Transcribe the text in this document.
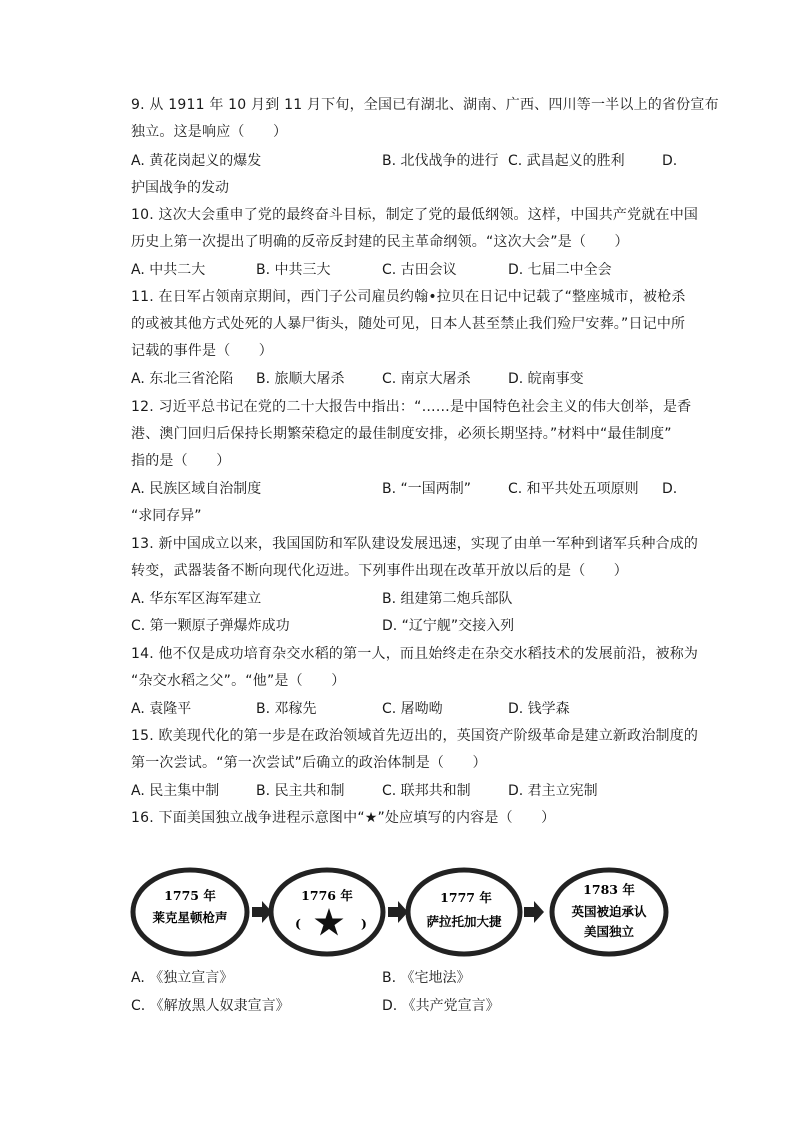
9. 从 1911 年 10 月到 11 月下旬，全国已有湖北、湖南、广西、四川等一半以上的省份宣布
独立。这是响应（　　）
A. 黄花岗起义的爆发	B. 北伐战争的进行 C. 武昌起义的胜利	D.
护国战争的发动
10. 这次大会重申了党的最终奋斗目标，制定了党的最低纲领。这样，中国共产党就在中国
历史上第一次提出了明确的反帝反封建的民主革命纲领。“这次大会”是（　　）
A. 中共二大	B. 中共三大	C. 古田会议	D. 七届二中全会
11. 在日军占领南京期间，西门子公司雇员约翰•拉贝在日记中记载了“整座城市，被枪杀
的或被其他方式处死的人暴尸街头，随处可见，日本人甚至禁止我们殓尸安葬。”日记中所
记载的事件是（　　）
A. 东北三省沦陷 B. 旅顺大屠杀	C. 南京大屠杀	D. 皖南事变
12. 习近平总书记在党的二十大报告中指出：“……是中国特色社会主义的伟大创举，是香
港、澳门回归后保持长期繁荣稳定的最佳制度安排，必须长期坚持。”材料中“最佳制度”
指的是（　　）
A. 民族区域自治制度	B. “一国两制”	C. 和平共处五项原则 D.
“求同存异”
13. 新中国成立以来，我国国防和军队建设发展迅速，实现了由单一军种到诸军兵种合成的
转变，武器装备不断向现代化迈进。下列事件出现在改革开放以后的是（　　）
A. 华东军区海军建立	B. 组建第二炮兵部队
C. 第一颗原子弹爆炸成功	D. “辽宁舰”交接入列
14. 他不仅是成功培育杂交水稻的第一人，而且始终走在杂交水稻技术的发展前沿，被称为
“杂交水稻之父”。“他”是（　　）
A. 袁隆平	B. 邓稼先	C. 屠呦呦	D. 钱学森
15. 欧美现代化的第一步是在政治领域首先迈出的，英国资产阶级革命是建立新政治制度的
第一次尝试。“第一次尝试”后确立的政治体制是（　　）
A. 民主集中制	B. 民主共和制	C. 联邦共和制	D. 君主立宪制
16. 下面美国独立战争进程示意图中“★”处应填写的内容是（　　）
1775 年
莱克星顿枪声
1776 年
(	)
1777 年
萨拉托加大捷
1783 年
英国被迫承认
美国独立
A. 《独立宣言》	B. 《宅地法》
C. 《解放黑人奴隶宣言》	D. 《共产党宣言》
